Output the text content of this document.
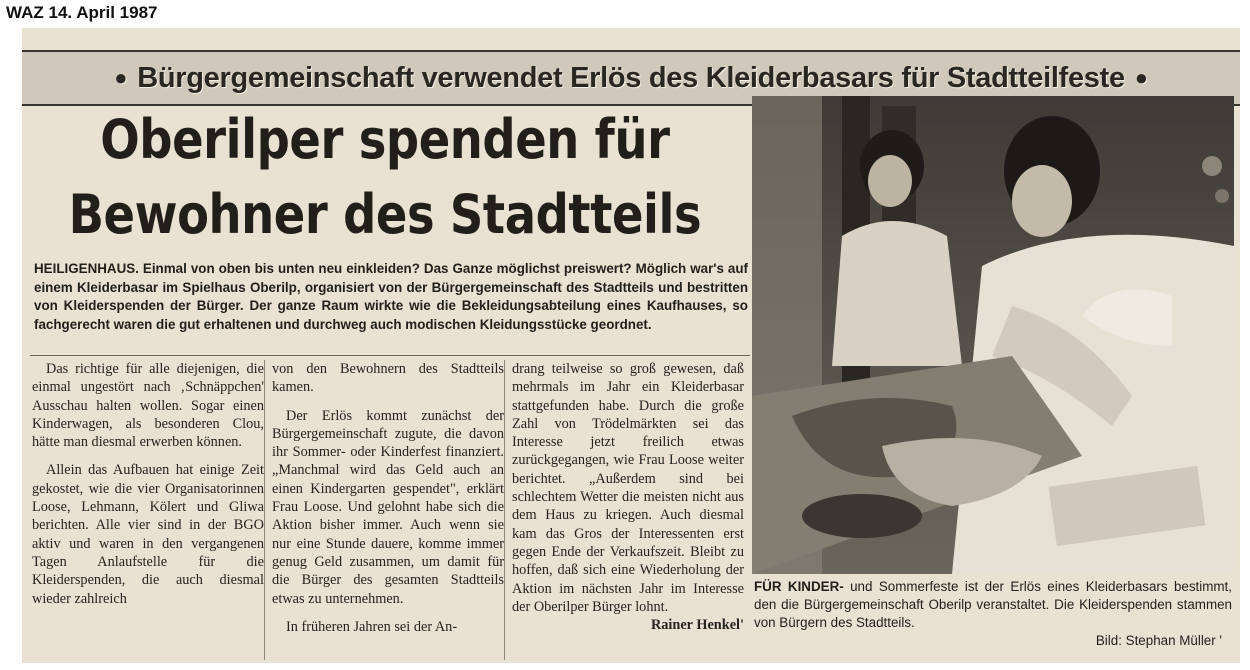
WAZ 14. April 1987
● Bürgergemeinschaft verwendet Erlös des Kleiderbasars für Stadtteilfeste ●
Oberilper spenden für
Bewohner des Stadtteils
HEILIGENHAUS. Einmal von oben bis unten neu einkleiden? Das Ganze möglichst preiswert? Möglich war's auf einem Kleiderbasar im Spielhaus Oberilp, organisiert von der Bürgergemeinschaft des Stadtteils und bestritten von Kleiderspenden der Bürger. Der ganze Raum wirkte wie die Bekleidungsabteilung eines Kaufhauses, so fachgerecht waren die gut erhaltenen und durchweg auch modischen Kleidungsstücke geordnet.

Das richtige für alle diejenigen, die einmal ungestört nach ‚Schnäppchen' Ausschau halten wollen. Sogar einen Kinderwagen, als besonderen Clou, hätte man diesmal erwerben können.

Allein das Aufbauen hat einige Zeit gekostet, wie die vier Organisatorinnen Loose, Lehmann, Kölert und Gliwa berichten. Alle vier sind in der BGO aktiv und waren in den vergangenen Tagen Anlaufstelle für die Kleiderspenden, die auch diesmal wieder zahlreich

von den Bewohnern des Stadtteils kamen.

Der Erlös kommt zunächst der Bürgergemeinschaft zugute, die davon ihr Sommer- oder Kinderfest finanziert. „Manchmal wird das Geld auch an einen Kindergarten gespendet", erklärt Frau Loose. Und gelohnt habe sich die Aktion bisher immer. Auch wenn sie nur eine Stunde dauere, komme immer genug Geld zusammen, um damit für die Bürger des gesamten Stadtteils etwas zu unternehmen.

In früheren Jahren sei der An-

drang teilweise so groß gewesen, daß mehrmals im Jahr ein Kleiderbasar stattgefunden habe. Durch die große Zahl von Trödelmärkten sei das Interesse jetzt freilich etwas zurückgegangen, wie Frau Loose weiter berichtet. „Außerdem sind bei schlechtem Wetter die meisten nicht aus dem Haus zu kriegen. Auch diesmal kam das Gros der Interessenten erst gegen Ende der Verkaufszeit. Bleibt zu hoffen, daß sich eine Wiederholung der Aktion im nächsten Jahr im Interesse der Oberilper Bürger lohnt.
Rainer Henkel'

FÜR KINDER- und Sommerfeste ist der Erlös eines Kleiderbasars bestimmt, den die Bürgergemeinschaft Oberilp veranstaltet. Die Kleiderspenden stammen von Bürgern des Stadtteils.
Bild: Stephan Müller '
